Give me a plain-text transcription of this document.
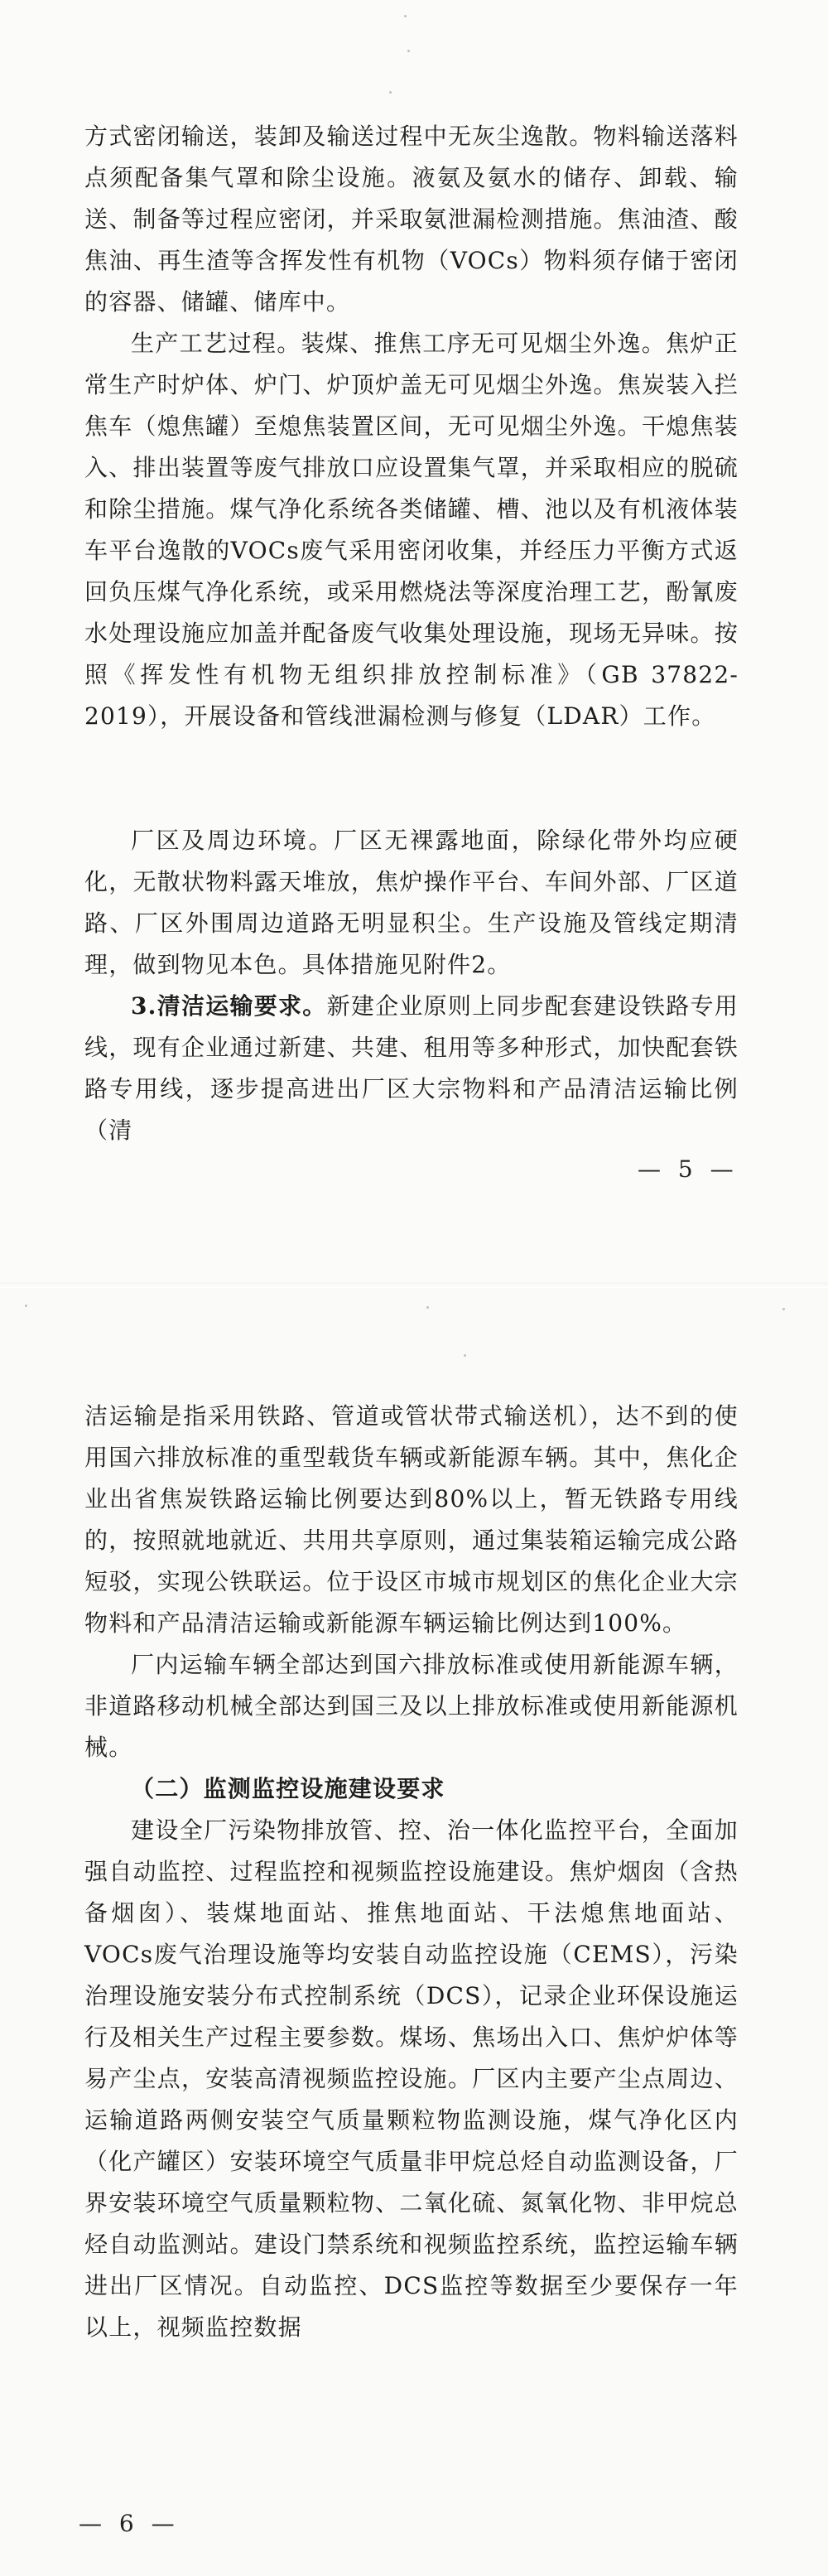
方式密闭输送，装卸及输送过程中无灰尘逸散。物料输送落料点须配备集气罩和除尘设施。液氨及氨水的储存、卸载、输送、制备等过程应密闭，并采取氨泄漏检测措施。焦油渣、酸焦油、再生渣等含挥发性有机物（VOCs）物料须存储于密闭的容器、储罐、储库中。

生产工艺过程。装煤、推焦工序无可见烟尘外逸。焦炉正常生产时炉体、炉门、炉顶炉盖无可见烟尘外逸。焦炭装入拦焦车（熄焦罐）至熄焦装置区间，无可见烟尘外逸。干熄焦装入、排出装置等废气排放口应设置集气罩，并采取相应的脱硫和除尘措施。煤气净化系统各类储罐、槽、池以及有机液体装车平台逸散的VOCs废气采用密闭收集，并经压力平衡方式返回负压煤气净化系统，或采用燃烧法等深度治理工艺，酚氰废水处理设施应加盖并配备废气收集处理设施，现场无异味。按照《挥发性有机物无组织排放控制标准》（GB 37822-2019），开展设备和管线泄漏检测与修复（LDAR）工作。

厂区及周边环境。厂区无裸露地面，除绿化带外均应硬化，无散状物料露天堆放，焦炉操作平台、车间外部、厂区道路、厂区外围周边道路无明显积尘。生产设施及管线定期清理，做到物见本色。具体措施见附件2。

3.清洁运输要求。新建企业原则上同步配套建设铁路专用线，现有企业通过新建、共建、租用等多种形式，加快配套铁路专用线，逐步提高进出厂区大宗物料和产品清洁运输比例（清

— 5 —

洁运输是指采用铁路、管道或管状带式输送机），达不到的使用国六排放标准的重型载货车辆或新能源车辆。其中，焦化企业出省焦炭铁路运输比例要达到80%以上，暂无铁路专用线的，按照就地就近、共用共享原则，通过集装箱运输完成公路短驳，实现公铁联运。位于设区市城市规划区的焦化企业大宗物料和产品清洁运输或新能源车辆运输比例达到100%。

厂内运输车辆全部达到国六排放标准或使用新能源车辆，非道路移动机械全部达到国三及以上排放标准或使用新能源机械。

（二）监测监控设施建设要求

建设全厂污染物排放管、控、治一体化监控平台，全面加强自动监控、过程监控和视频监控设施建设。焦炉烟囱（含热备烟囱）、装煤地面站、推焦地面站、干法熄焦地面站、VOCs废气治理设施等均安装自动监控设施（CEMS），污染治理设施安装分布式控制系统（DCS），记录企业环保设施运行及相关生产过程主要参数。煤场、焦场出入口、焦炉炉体等易产尘点，安装高清视频监控设施。厂区内主要产尘点周边、运输道路两侧安装空气质量颗粒物监测设施，煤气净化区内（化产罐区）安装环境空气质量非甲烷总烃自动监测设备，厂界安装环境空气质量颗粒物、二氧化硫、氮氧化物、非甲烷总烃自动监测站。建设门禁系统和视频监控系统，监控运输车辆进出厂区情况。自动监控、DCS监控等数据至少要保存一年以上，视频监控数据

— 6 —
